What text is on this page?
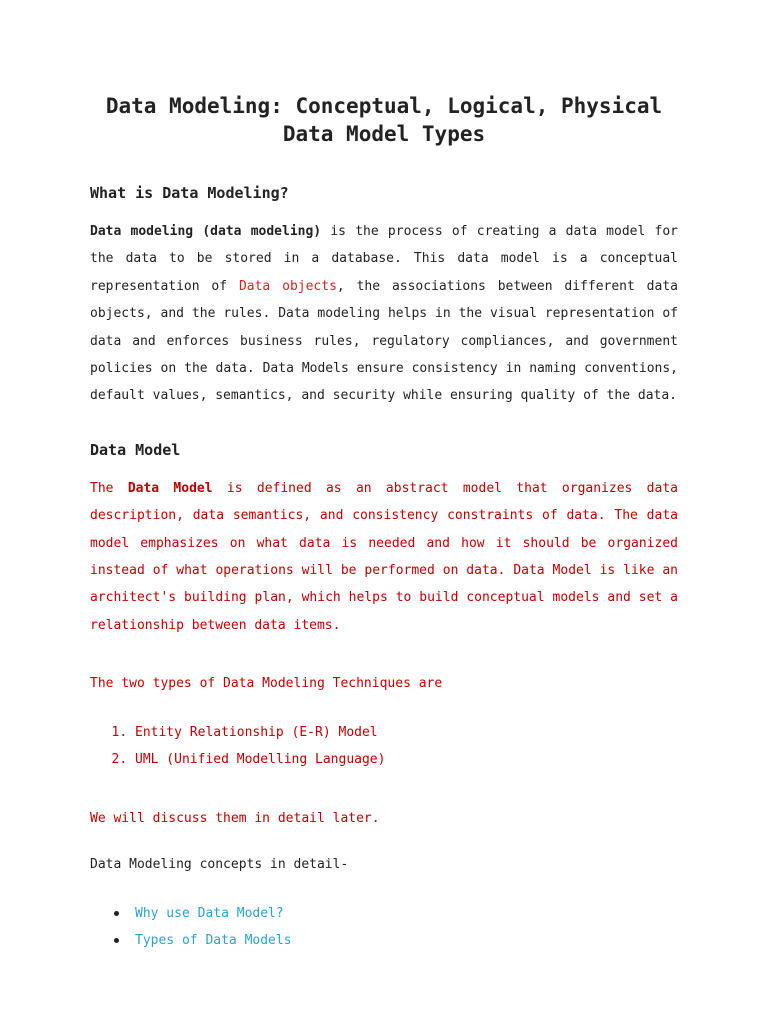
Data Modeling: Conceptual, Logical, Physical
Data Model Types
What is Data Modeling?

Data modeling (data modeling) is the process of creating a data model for the data to be stored in a database. This data model is a conceptual representation of Data objects, the associations between different data objects, and the rules. Data modeling helps in the visual representation of data and enforces business rules, regulatory compliances, and government policies on the data. Data Models ensure consistency in naming conventions, default values, semantics, and security while ensuring quality of the data.

Data Model

The Data Model is defined as an abstract model that organizes data description, data semantics, and consistency constraints of data. The data model emphasizes on what data is needed and how it should be organized instead of what operations will be performed on data. Data Model is like an architect's building plan, which helps to build conceptual models and set a relationship between data items.

The two types of Data Modeling Techniques are

1. Entity Relationship (E-R) Model
2. UML (Unified Modelling Language)

We will discuss them in detail later.

Data Modeling concepts in detail-

Why use Data Model?
Types of Data Models
